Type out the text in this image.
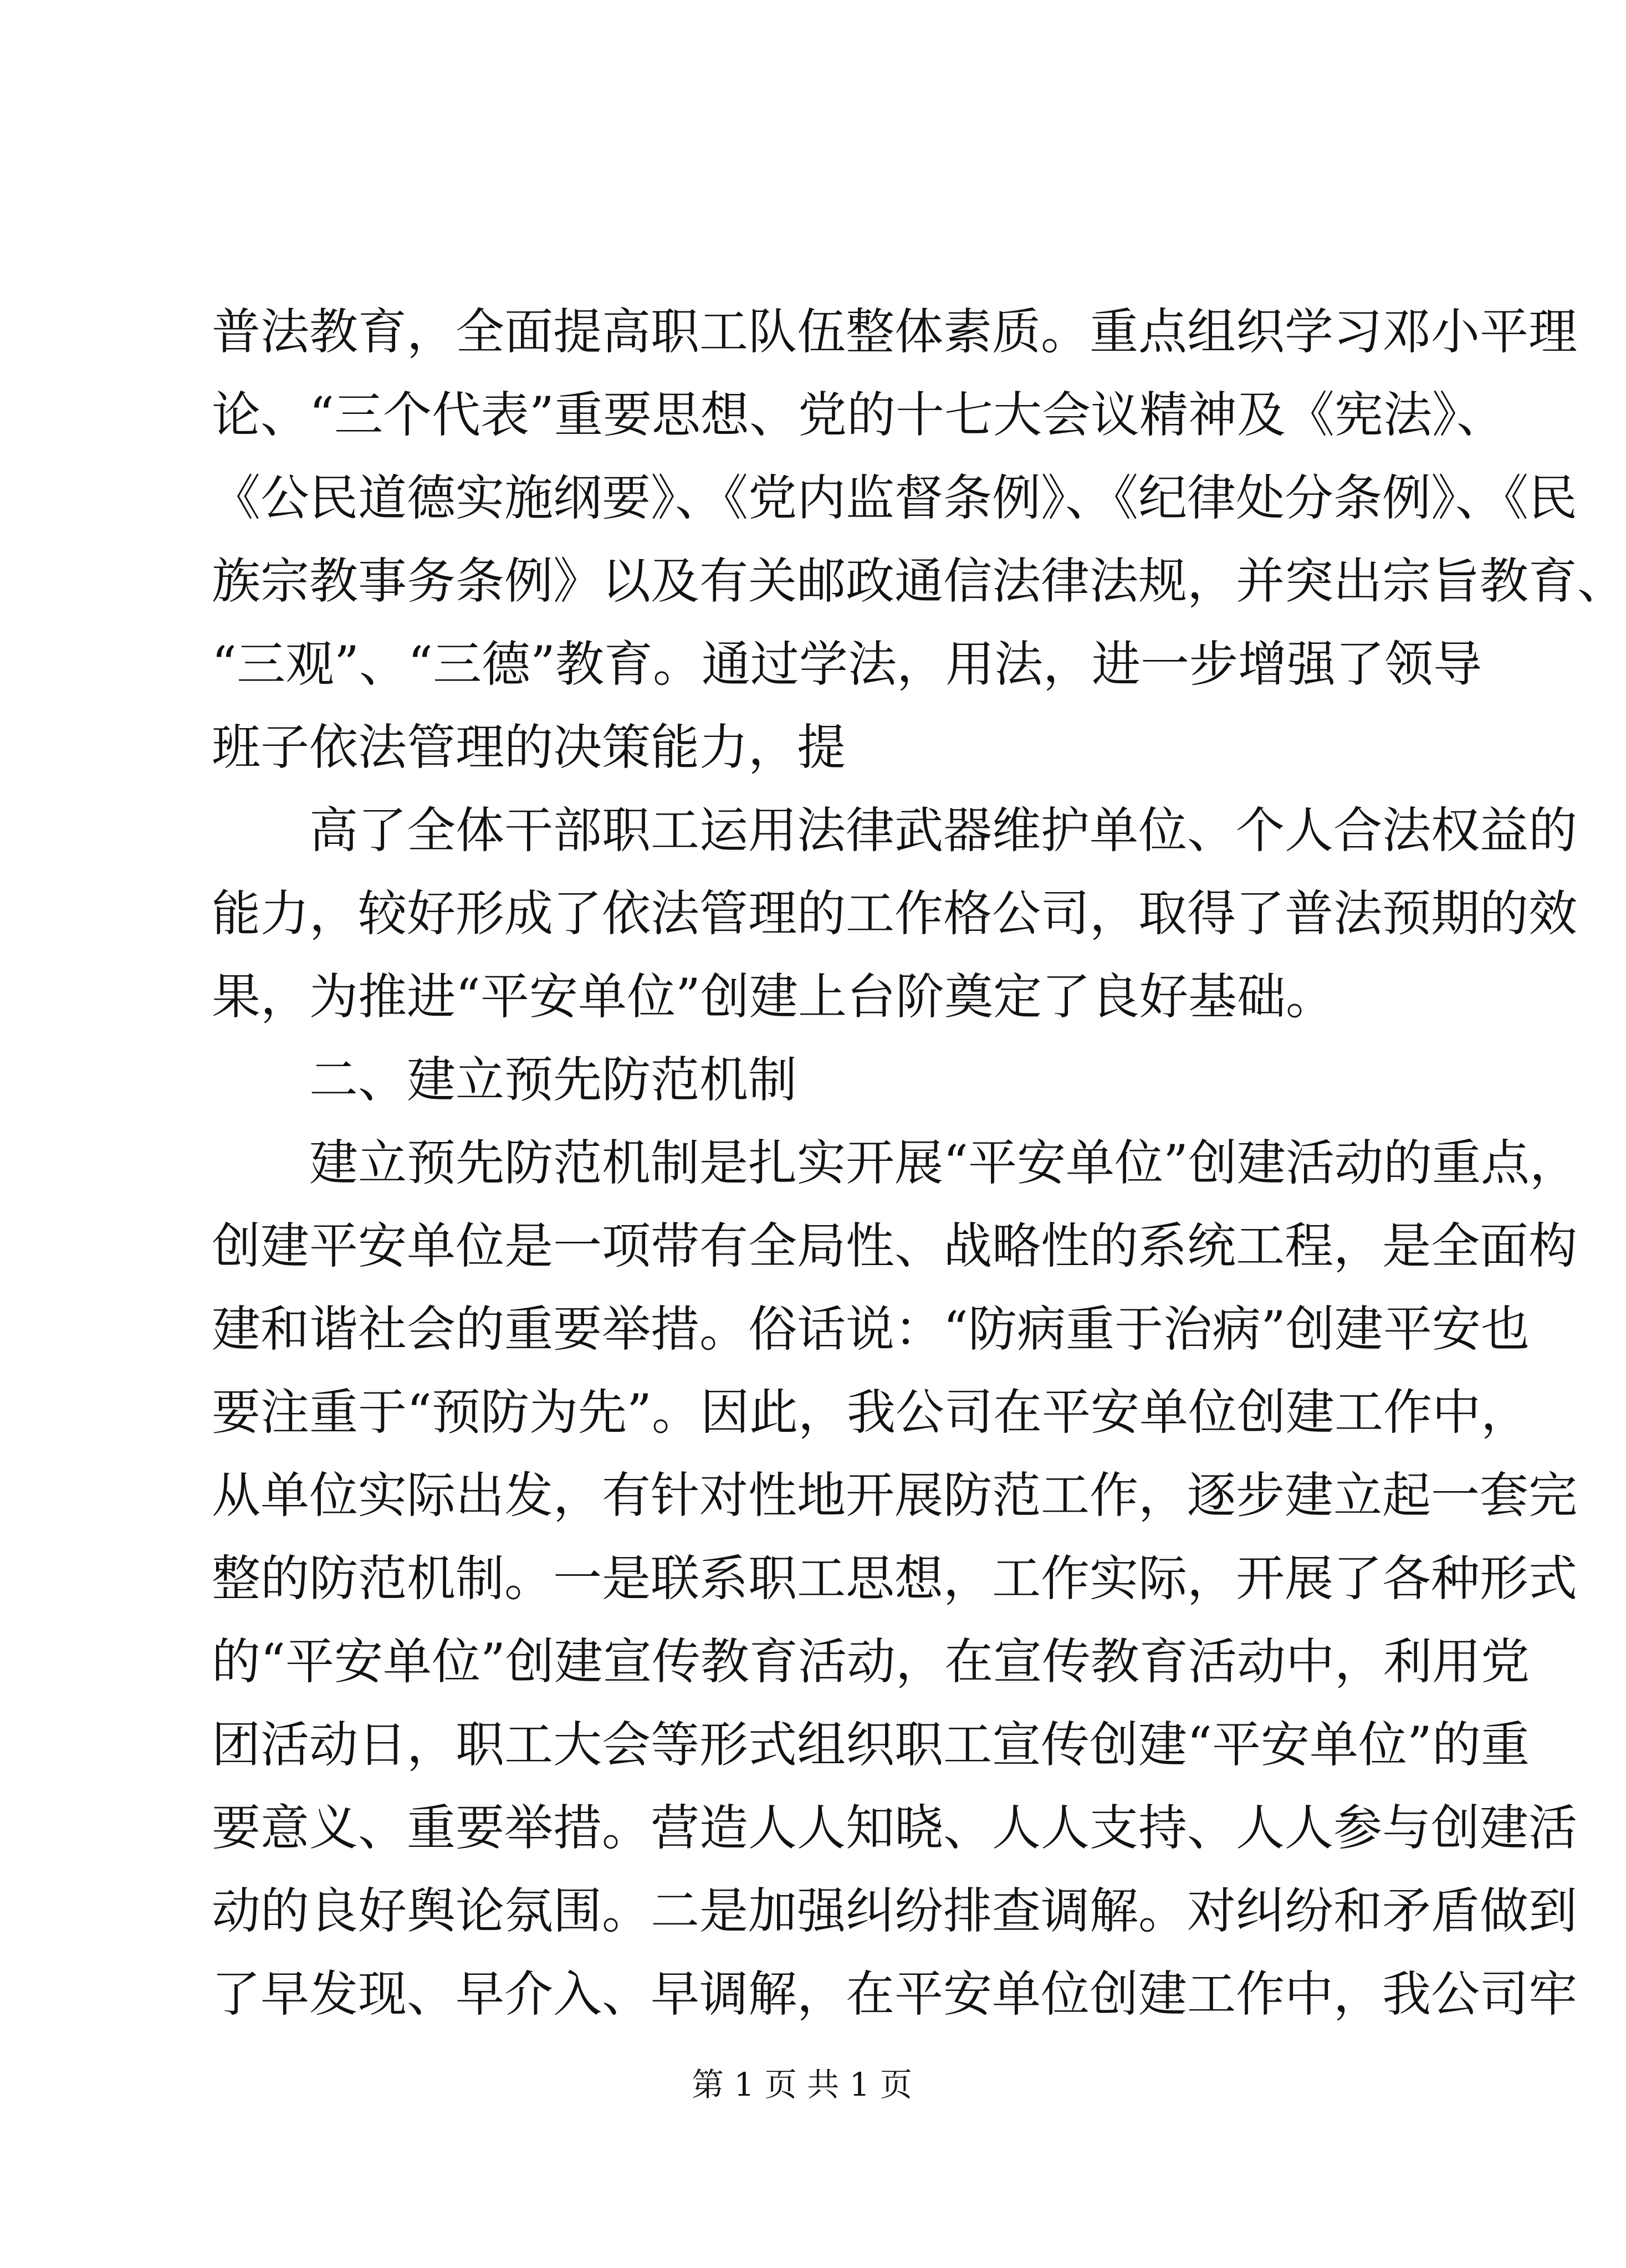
普法教育，全面提高职工队伍整体素质。重点组织学习邓小平理
论、“三个代表”重要思想、党的十七大会议精神及《宪法》、
《公民道德实施纲要》、《党内监督条例》、《纪律处分条例》、《民
族宗教事务条例》以及有关邮政通信法律法规，并突出宗旨教育、
“三观”、“三德”教育。通过学法，用法，进一步增强了领导
班子依法管理的决策能力，提
高了全体干部职工运用法律武器维护单位、个人合法权益的
能力，较好形成了依法管理的工作格公司，取得了普法预期的效
果，为推进“平安单位”创建上台阶奠定了良好基础。
二、建立预先防范机制
建立预先防范机制是扎实开展“平安单位”创建活动的重点，
创建平安单位是一项带有全局性、战略性的系统工程，是全面构
建和谐社会的重要举措。俗话说：“防病重于治病”创建平安也
要注重于“预防为先”。因此，我公司在平安单位创建工作中，
从单位实际出发，有针对性地开展防范工作，逐步建立起一套完
整的防范机制。一是联系职工思想，工作实际，开展了各种形式
的“平安单位”创建宣传教育活动，在宣传教育活动中，利用党
团活动日，职工大会等形式组织职工宣传创建“平安单位”的重
要意义、重要举措。营造人人知晓、人人支持、人人参与创建活
动的良好舆论氛围。二是加强纠纷排查调解。对纠纷和矛盾做到
了早发现、早介入、早调解，在平安单位创建工作中，我公司牢
第 1 页 共 1 页
